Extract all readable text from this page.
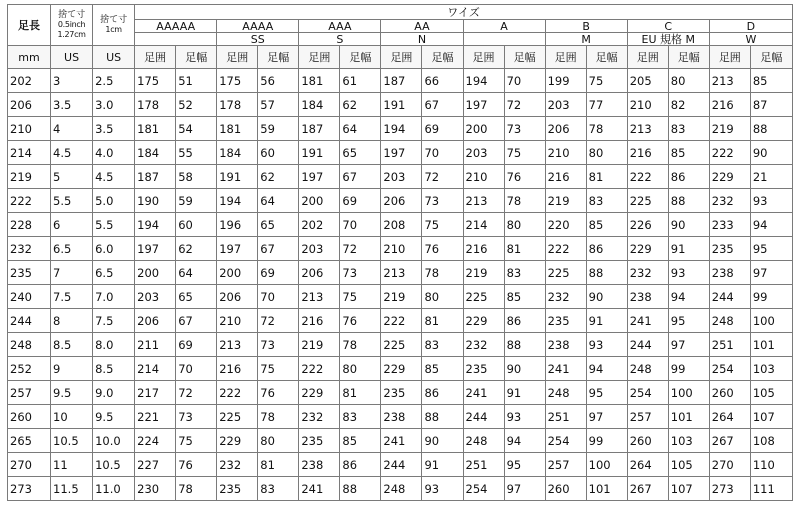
足長	捨て寸
0.5inch
1.27cm	捨て寸
1cm	ワイズ															
			AAAAA		AAAA		AAA		AA		A		B		C		D	
					SS		S		N				M		EU 規格 M		W	
mm	US	US	足囲	足幅	足囲	足幅	足囲	足幅	足囲	足幅	足囲	足幅	足囲	足幅	足囲	足幅	足囲	足幅
202	3	2.5	175	51	175	56	181	61	187	66	194	70	199	75	205	80	213	85
206	3.5	3.0	178	52	178	57	184	62	191	67	197	72	203	77	210	82	216	87
210	4	3.5	181	54	181	59	187	64	194	69	200	73	206	78	213	83	219	88
214	4.5	4.0	184	55	184	60	191	65	197	70	203	75	210	80	216	85	222	90
219	5	4.5	187	58	191	62	197	67	203	72	210	76	216	81	222	86	229	21
222	5.5	5.0	190	59	194	64	200	69	206	73	213	78	219	83	225	88	232	93
228	6	5.5	194	60	196	65	202	70	208	75	214	80	220	85	226	90	233	94
232	6.5	6.0	197	62	197	67	203	72	210	76	216	81	222	86	229	91	235	95
235	7	6.5	200	64	200	69	206	73	213	78	219	83	225	88	232	93	238	97
240	7.5	7.0	203	65	206	70	213	75	219	80	225	85	232	90	238	94	244	99
244	8	7.5	206	67	210	72	216	76	222	81	229	86	235	91	241	95	248	100
248	8.5	8.0	211	69	213	73	219	78	225	83	232	88	238	93	244	97	251	101
252	9	8.5	214	70	216	75	222	80	229	85	235	90	241	94	248	99	254	103
257	9.5	9.0	217	72	222	76	229	81	235	86	241	91	248	95	254	100	260	105
260	10	9.5	221	73	225	78	232	83	238	88	244	93	251	97	257	101	264	107
265	10.5	10.0	224	75	229	80	235	85	241	90	248	94	254	99	260	103	267	108
270	11	10.5	227	76	232	81	238	86	244	91	251	95	257	100	264	105	270	110
273	11.5	11.0	230	78	235	83	241	88	248	93	254	97	260	101	267	107	273	111
